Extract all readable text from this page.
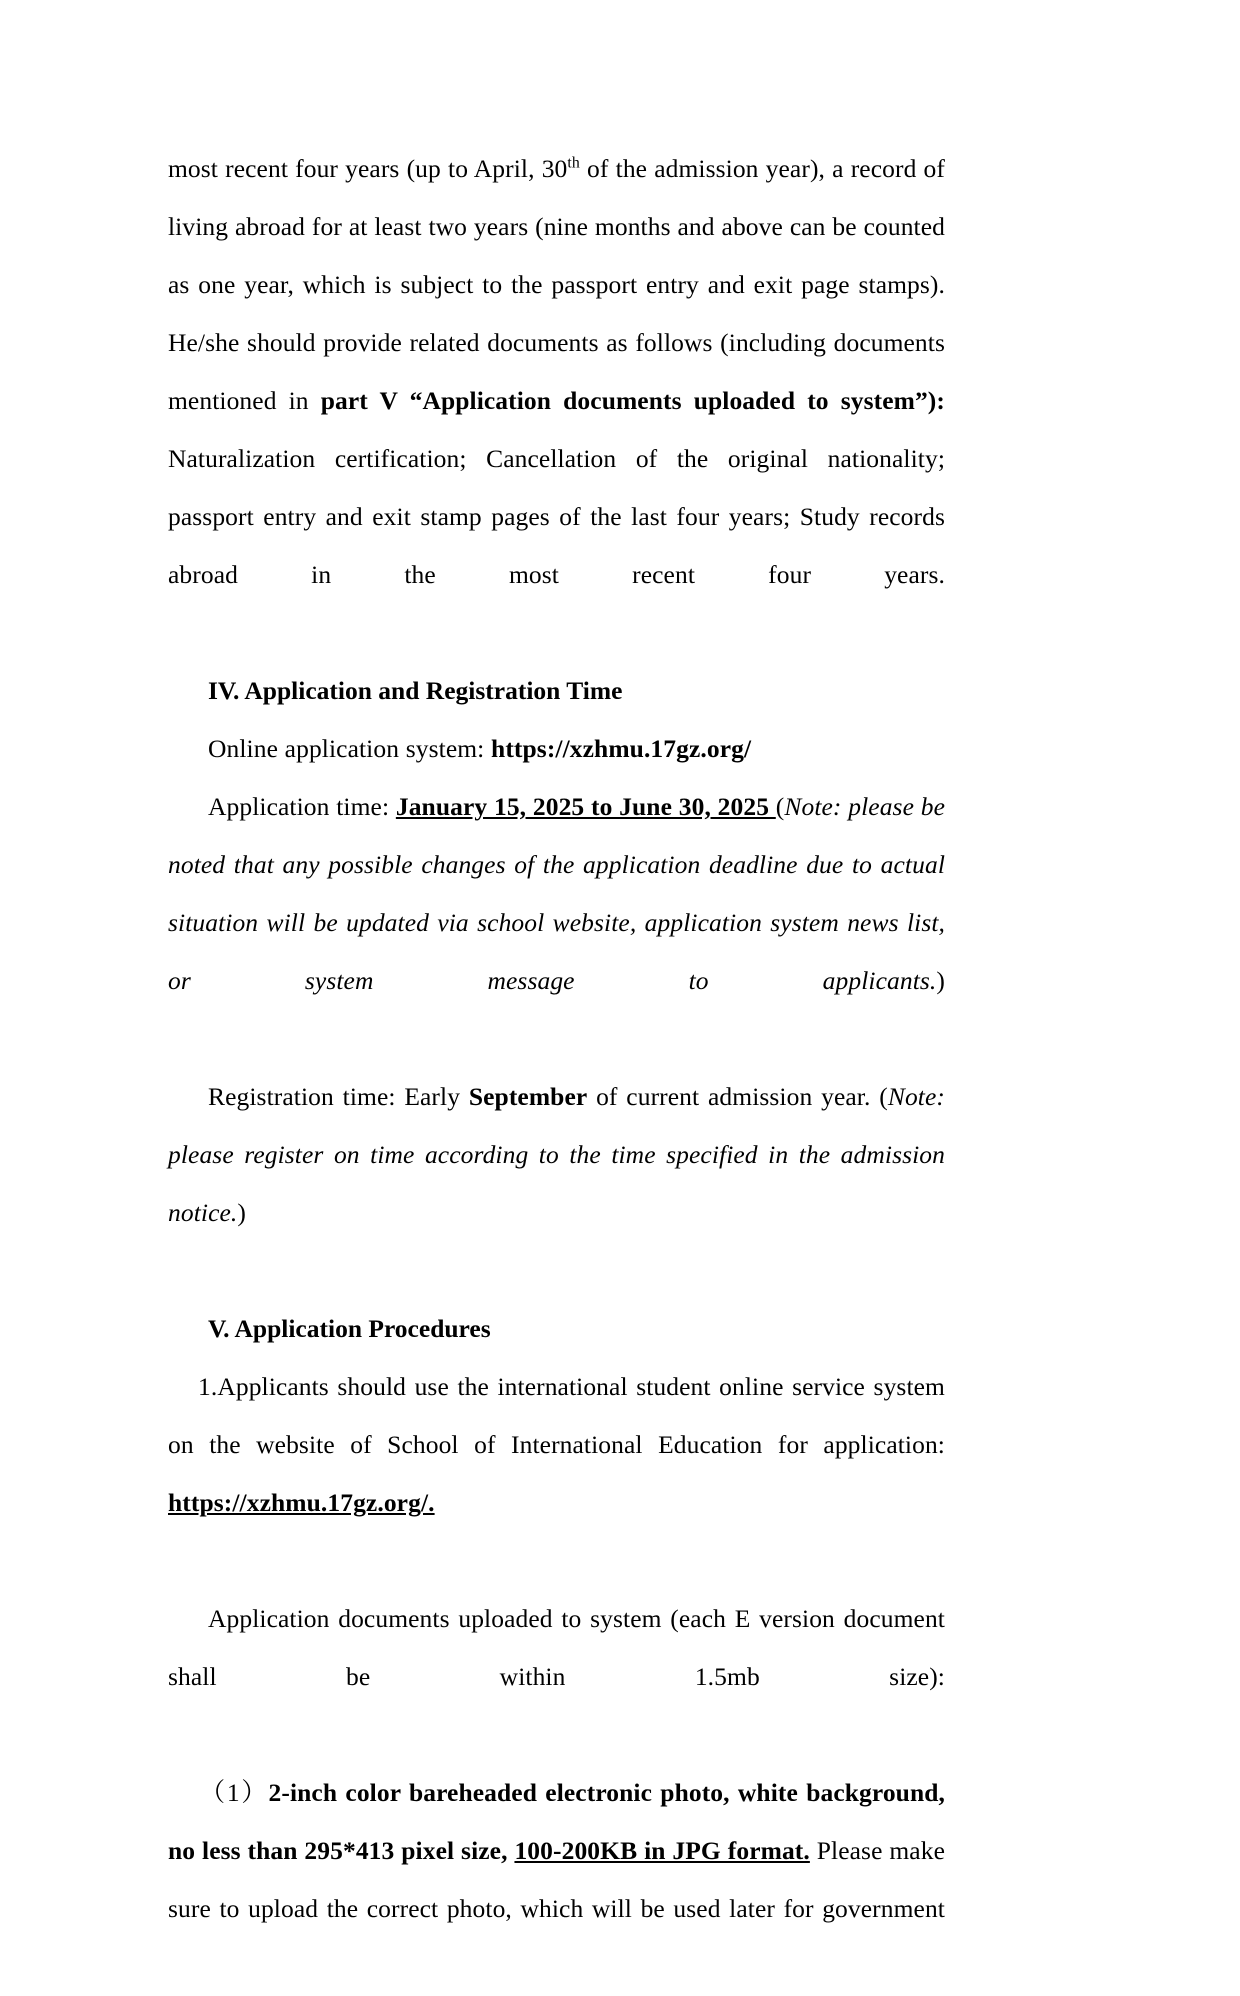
most recent four years (up to April, 30th of the admission year), a record of living abroad for at least two years (nine months and above can be counted as one year, which is subject to the passport entry and exit page stamps). He/she should provide related documents as follows (including documents mentioned in part V “Application documents uploaded to system”): Naturalization certification; Cancellation of the original nationality; passport entry and exit stamp pages of the last four years; Study records abroad in the most recent four years.

IV. Application and Registration Time

Online application system: https://xzhmu.17gz.org/

Application time: January 15, 2025 to June 30, 2025 (Note: please be noted that any possible changes of the application deadline due to actual situation will be updated via school website, application system news list, or system message to applicants.)

Registration time: Early September of current admission year. (Note: please register on time according to the time specified in the admission notice.)

V. Application Procedures

1.Applicants should use the international student online service system on the website of School of International Education for application: https://xzhmu.17gz.org/.

Application documents uploaded to system (each E version document shall be within 1.5mb size):

（1）2-inch color bareheaded electronic photo, white background, no less than 295*413 pixel size, 100-200KB in JPG format. Please make sure to upload the correct photo, which will be used later for government
